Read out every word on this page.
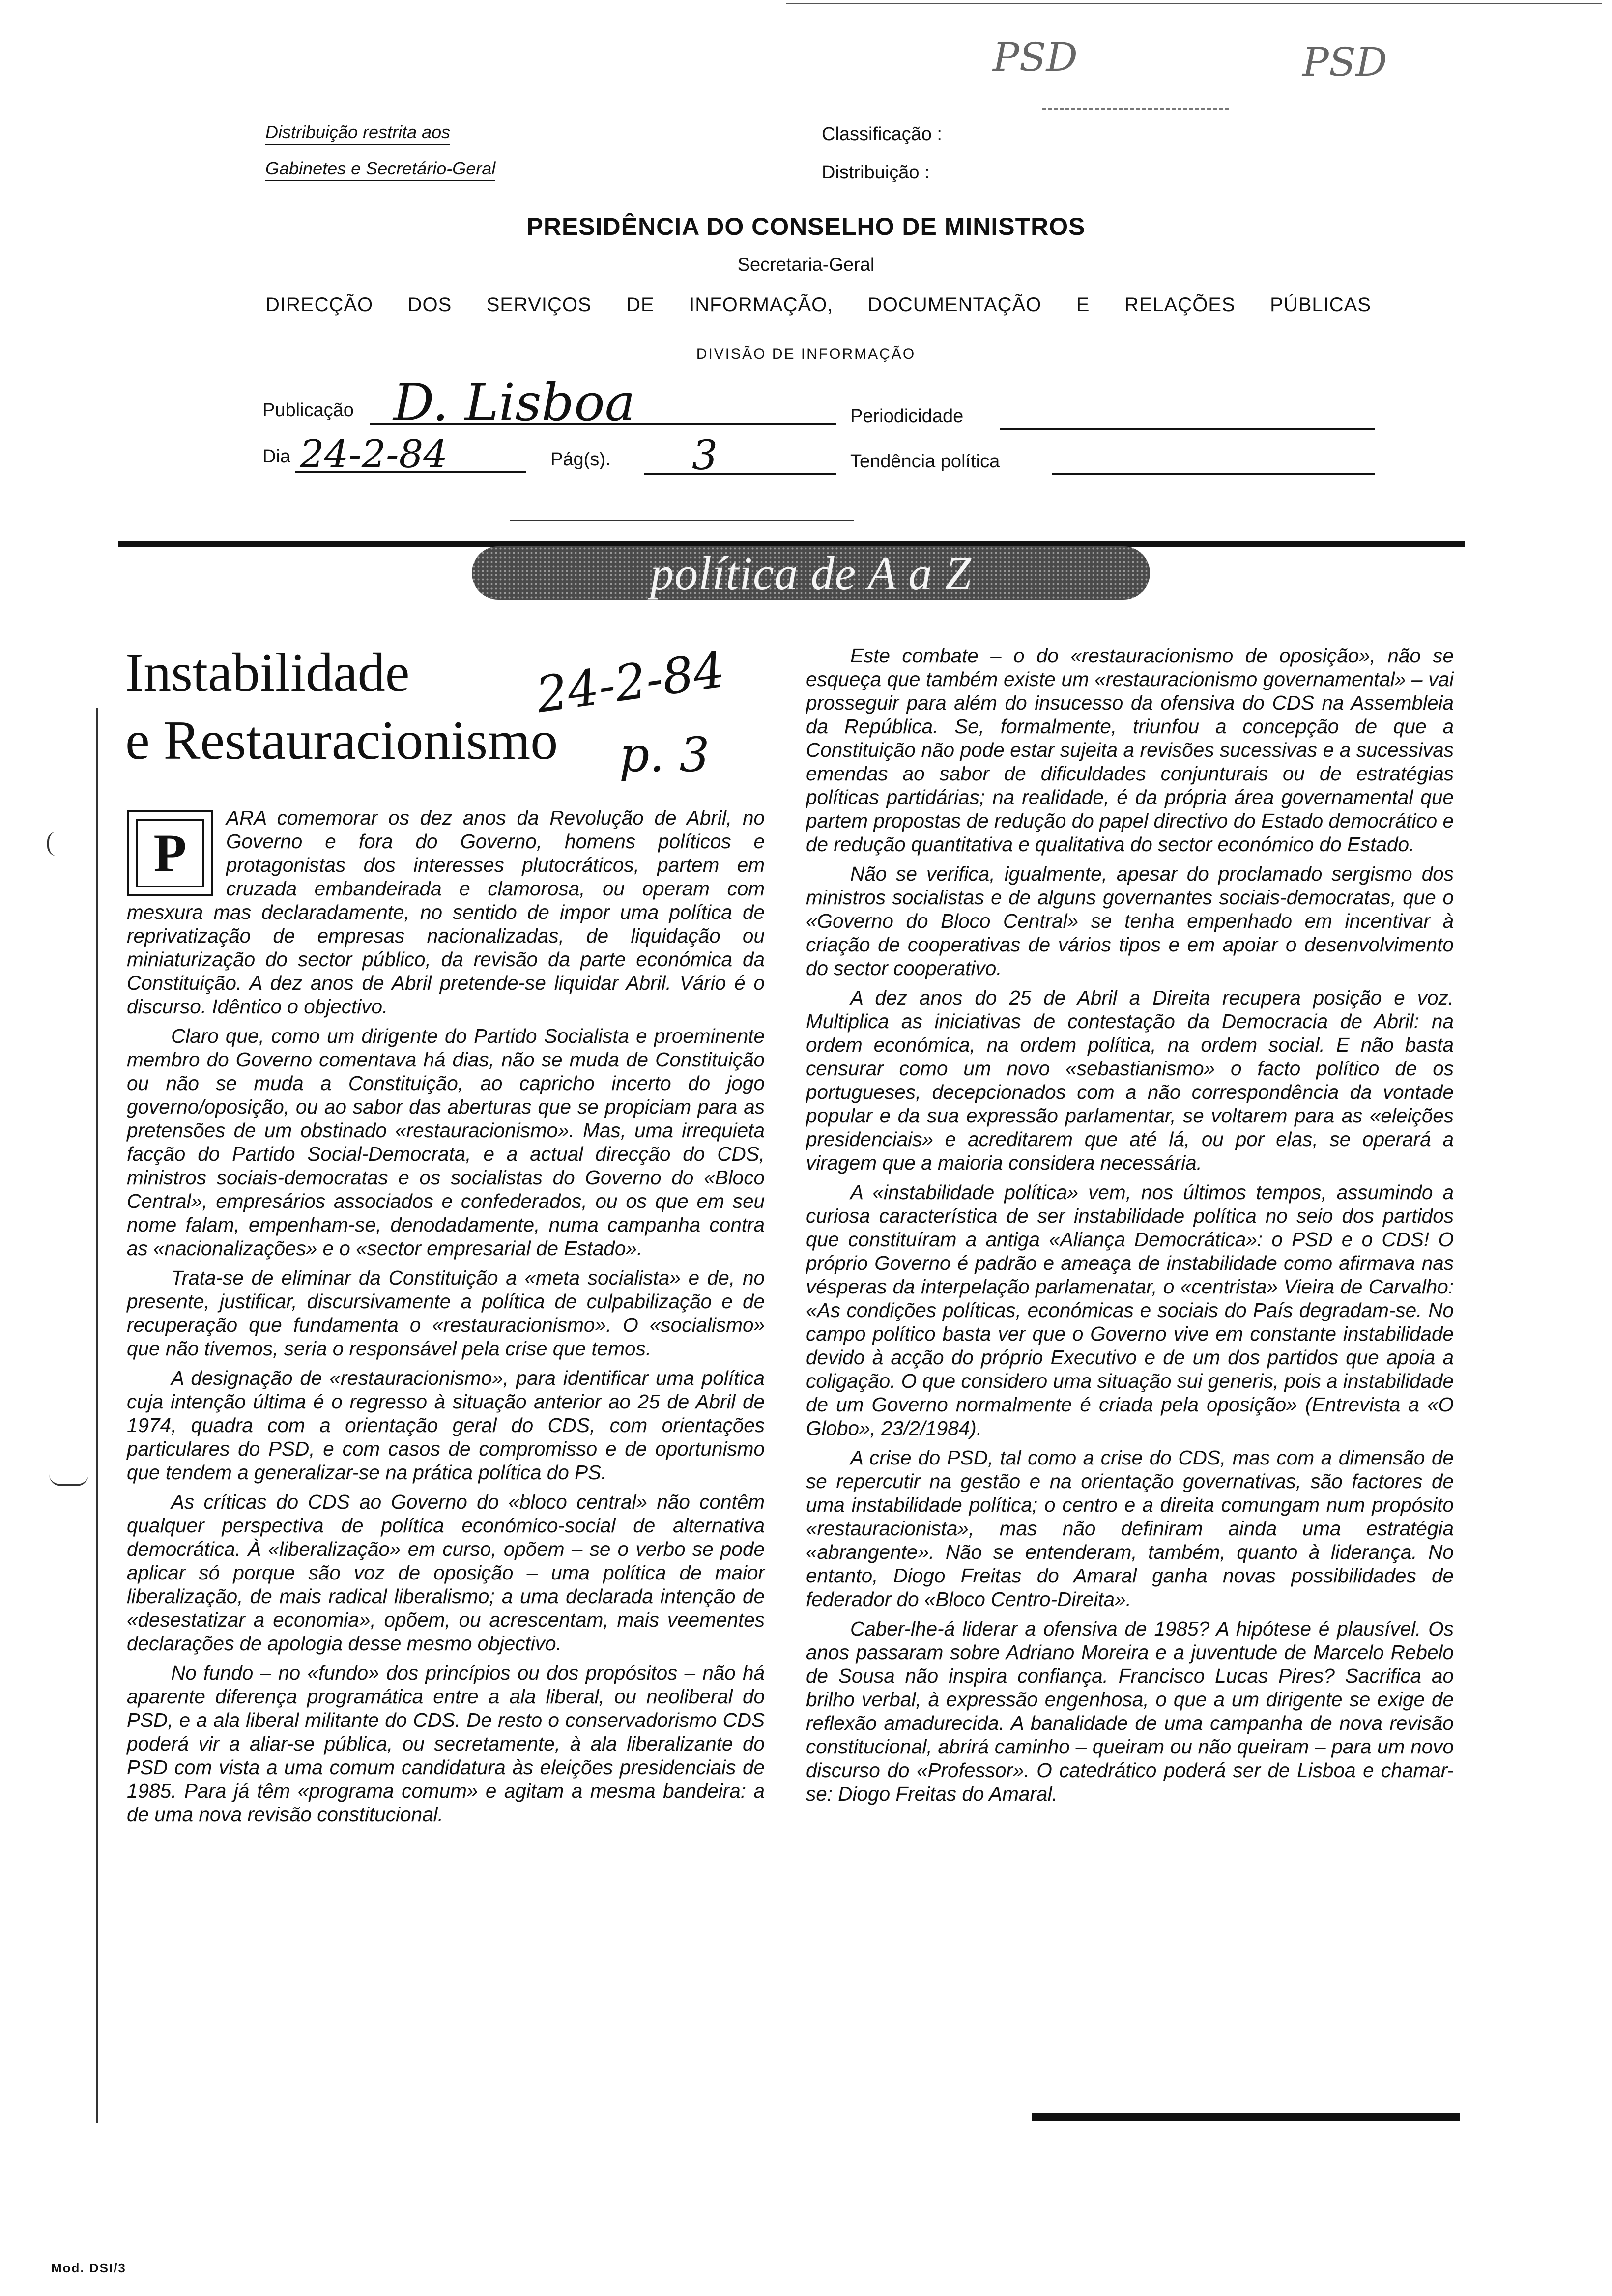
PSD	PSD
Distribuição restrita aos
Gabinetes e Secretário-Geral
Classificação :
Distribuição :
PRESIDÊNCIA DO CONSELHO DE MINISTROS
Secretaria-Geral
DIRECÇÃO DOS SERVIÇOS DE INFORMAÇÃO, DOCUMENTAÇÃO E RELAÇÕES PÚBLICAS
DIVISÃO DE INFORMAÇÃO
Publicação D. Lisboa	Periodicidade
Dia 24-2-84	Pág(s). 3	Tendência política
política de A a Z
Instabilidade
e Restauracionismo
24-2-84
p. 3

P
ARA comemorar os dez anos da Revolução de Abril, no Governo e fora do Governo, homens políticos e protagonistas dos interesses plutocráticos, partem em cruzada embandeirada e clamorosa, ou operam com mesxura mas declaradamente, no sentido de impor uma política de reprivatização de empresas nacionalizadas, de liquidação ou miniaturização do sector público, da revisão da parte económica da Constituição. A dez anos de Abril pretende-se liquidar Abril. Vário é o discurso. Idêntico o objectivo.

Claro que, como um dirigente do Partido Socialista e proeminente membro do Governo comentava há dias, não se muda de Constituição ou não se muda a Constituição, ao capricho incerto do jogo governo/oposição, ou ao sabor das aberturas que se propiciam para as pretensões de um obstinado «restauracionismo». Mas, uma irrequieta facção do Partido Social-Democrata, e a actual direcção do CDS, ministros sociais-democratas e os socialistas do Governo do «Bloco Central», empresários associados e confederados, ou os que em seu nome falam, empenham-se, denodadamente, numa campanha contra as «nacionalizações» e o «sector empresarial de Estado».

Trata-se de eliminar da Constituição a «meta socialista» e de, no presente, justificar, discursivamente a política de culpabilização e de recuperação que fundamenta o «restauracionismo». O «socialismo» que não tivemos, seria o responsável pela crise que temos.

A designação de «restauracionismo», para identificar uma política cuja intenção última é o regresso à situação anterior ao 25 de Abril de 1974, quadra com a orientação geral do CDS, com orientações particulares do PSD, e com casos de compromisso e de oportunismo que tendem a generalizar-se na prática política do PS.

As críticas do CDS ao Governo do «bloco central» não contêm qualquer perspectiva de política económico-social de alternativa democrática. À «liberalização» em curso, opõem – se o verbo se pode aplicar só porque são voz de oposição – uma política de maior liberalização, de mais radical liberalismo; a uma declarada intenção de «desestatizar a economia», opõem, ou acrescentam, mais veementes declarações de apologia desse mesmo objectivo.

No fundo – no «fundo» dos princípios ou dos propósitos – não há aparente diferença programática entre a ala liberal, ou neoliberal do PSD, e a ala liberal militante do CDS. De resto o conservadorismo CDS poderá vir a aliar-se pública, ou secretamente, à ala liberalizante do PSD com vista a uma comum candidatura às eleições presidenciais de 1985. Para já têm «programa comum» e agitam a mesma bandeira: a de uma nova revisão constitucional.

Este combate – o do «restauracionismo de oposição», não se esqueça que também existe um «restauracionismo governamental» – vai prosseguir para além do insucesso da ofensiva do CDS na Assembleia da República. Se, formalmente, triunfou a concepção de que a Constituição não pode estar sujeita a revisões sucessivas e a sucessivas emendas ao sabor de dificuldades conjunturais ou de estratégias políticas partidárias; na realidade, é da própria área governamental que partem propostas de redução do papel directivo do Estado democrático e de redução quantitativa e qualitativa do sector económico do Estado.

Não se verifica, igualmente, apesar do proclamado sergismo dos ministros socialistas e de alguns governantes sociais-democratas, que o «Governo do Bloco Central» se tenha empenhado em incentivar à criação de cooperativas de vários tipos e em apoiar o desenvolvimento do sector cooperativo.

A dez anos do 25 de Abril a Direita recupera posição e voz. Multiplica as iniciativas de contestação da Democracia de Abril: na ordem económica, na ordem política, na ordem social. E não basta censurar como um novo «sebastianismo» o facto político de os portugueses, decepcionados com a não correspondência da vontade popular e da sua expressão parlamentar, se voltarem para as «eleições presidenciais» e acreditarem que até lá, ou por elas, se operará a viragem que a maioria considera necessária.

A «instabilidade política» vem, nos últimos tempos, assumindo a curiosa característica de ser instabilidade política no seio dos partidos que constituíram a antiga «Aliança Democrática»: o PSD e o CDS! O próprio Governo é padrão e ameaça de instabilidade como afirmava nas vésperas da interpelação parlamenatar, o «centrista» Vieira de Carvalho: «As condições políticas, económicas e sociais do País degradam-se. No campo político basta ver que o Governo vive em constante instabilidade devido à acção do próprio Executivo e de um dos partidos que apoia a coligação. O que considero uma situação sui generis, pois a instabilidade de um Governo normalmente é criada pela oposição» (Entrevista a «O Globo», 23/2/1984).

A crise do PSD, tal como a crise do CDS, mas com a dimensão de se repercutir na gestão e na orientação governativas, são factores de uma instabilidade política; o centro e a direita comungam num propósito «restauracionista», mas não definiram ainda uma estratégia «abrangente». Não se entenderam, também, quanto à liderança. No entanto, Diogo Freitas do Amaral ganha novas possibilidades de federador do «Bloco Centro-Direita».

Caber-lhe-á liderar a ofensiva de 1985? A hipótese é plausível. Os anos passaram sobre Adriano Moreira e a juventude de Marcelo Rebelo de Sousa não inspira confiança. Francisco Lucas Pires? Sacrifica ao brilho verbal, à expressão engenhosa, o que a um dirigente se exige de reflexão amadurecida. A banalidade de uma campanha de nova revisão constitucional, abrirá caminho – queiram ou não queiram – para um novo discurso do «Professor». O catedrático poderá ser de Lisboa e chamar-se: Diogo Freitas do Amaral.

Mod. DSI/3
